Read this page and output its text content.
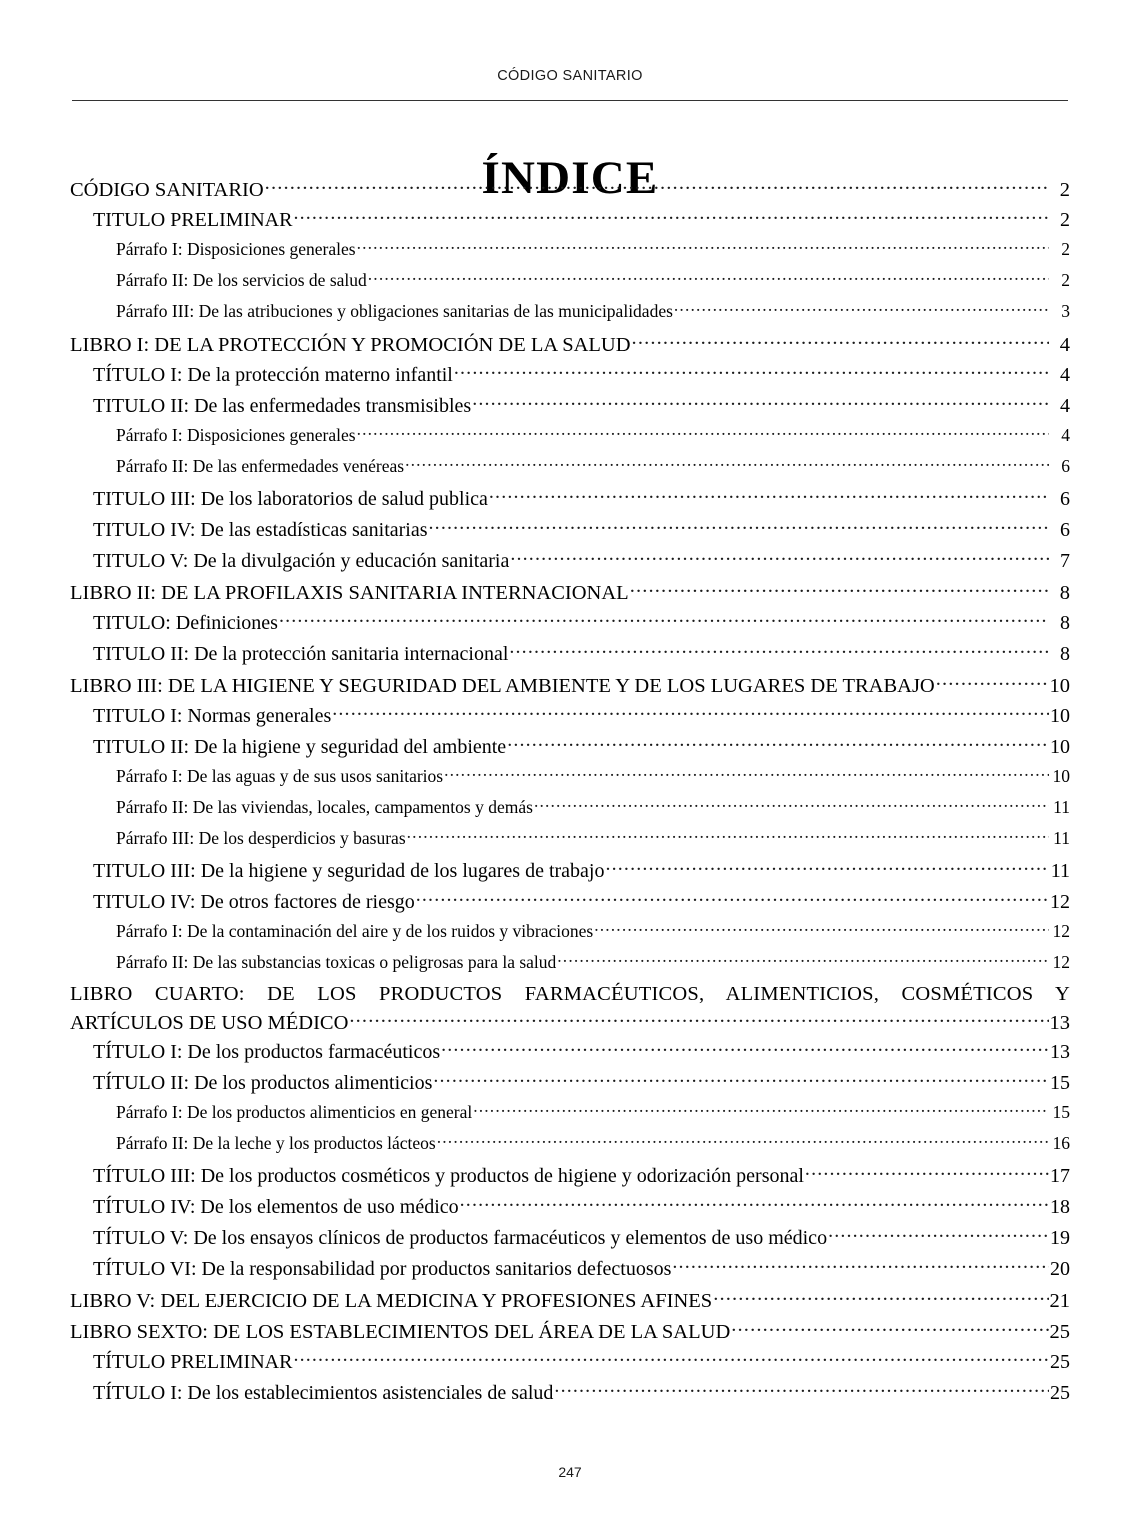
CÓDIGO SANITARIO
ÍNDICE
CÓDIGO SANITARIO .....	2
TITULO PRELIMINAR .....	2
Párrafo I: Disposiciones generales .....	2
Párrafo II: De los servicios de salud .....	2
Párrafo III: De las atribuciones y obligaciones sanitarias de las municipalidades .....	3
LIBRO I: DE LA PROTECCIÓN Y PROMOCIÓN DE LA SALUD .....	4
TÍTULO I: De la protección materno infantil .....	4
TITULO II: De las enfermedades transmisibles .....	4
Párrafo I: Disposiciones generales .....	4
Párrafo II: De las enfermedades venéreas .....	6
TITULO III: De los laboratorios de salud publica .....	6
TITULO IV: De las estadísticas sanitarias .....	6
TITULO V: De la divulgación y educación sanitaria .....	7
LIBRO II: DE LA PROFILAXIS SANITARIA INTERNACIONAL .....	8
TITULO: Definiciones .....	8
TITULO II: De la protección sanitaria internacional .....	8
LIBRO III: DE LA HIGIENE Y SEGURIDAD DEL AMBIENTE Y DE LOS LUGARES DE TRABAJO .....	10
TITULO I: Normas generales .....	10
TITULO II: De la higiene y seguridad del ambiente .....	10
Párrafo I: De las aguas y de sus usos sanitarios .....	10
Párrafo II: De las viviendas, locales, campamentos y demás .....	11
Párrafo III: De los desperdicios y basuras .....	11
TITULO III: De la higiene y seguridad de los lugares de trabajo .....	11
TITULO IV: De otros factores de riesgo .....	12
Párrafo I: De la contaminación del aire y de los ruidos y vibraciones .....	12
Párrafo II: De las substancias toxicas o peligrosas para la salud .....	12
LIBRO CUARTO: DE LOS PRODUCTOS FARMACÉUTICOS, ALIMENTICIOS, COSMÉTICOS Y
ARTÍCULOS DE USO MÉDICO .....	13
TÍTULO I: De los productos farmacéuticos .....	13
TÍTULO II: De los productos alimenticios .....	15
Párrafo I: De los productos alimenticios en general .....	15
Párrafo II: De la leche y los productos lácteos .....	16
TÍTULO III: De los productos cosméticos y productos de higiene y odorización personal .....	17
TÍTULO IV: De los elementos de uso médico .....	18
TÍTULO V: De los ensayos clínicos de productos farmacéuticos y elementos de uso médico .....	19
TÍTULO VI: De la responsabilidad por productos sanitarios defectuosos .....	20
LIBRO V: DEL EJERCICIO DE LA MEDICINA Y PROFESIONES AFINES .....	21
LIBRO SEXTO: DE LOS ESTABLECIMIENTOS DEL ÁREA DE LA SALUD .....	25
TÍTULO PRELIMINAR .....	25
TÍTULO I: De los establecimientos asistenciales de salud .....	25
247
